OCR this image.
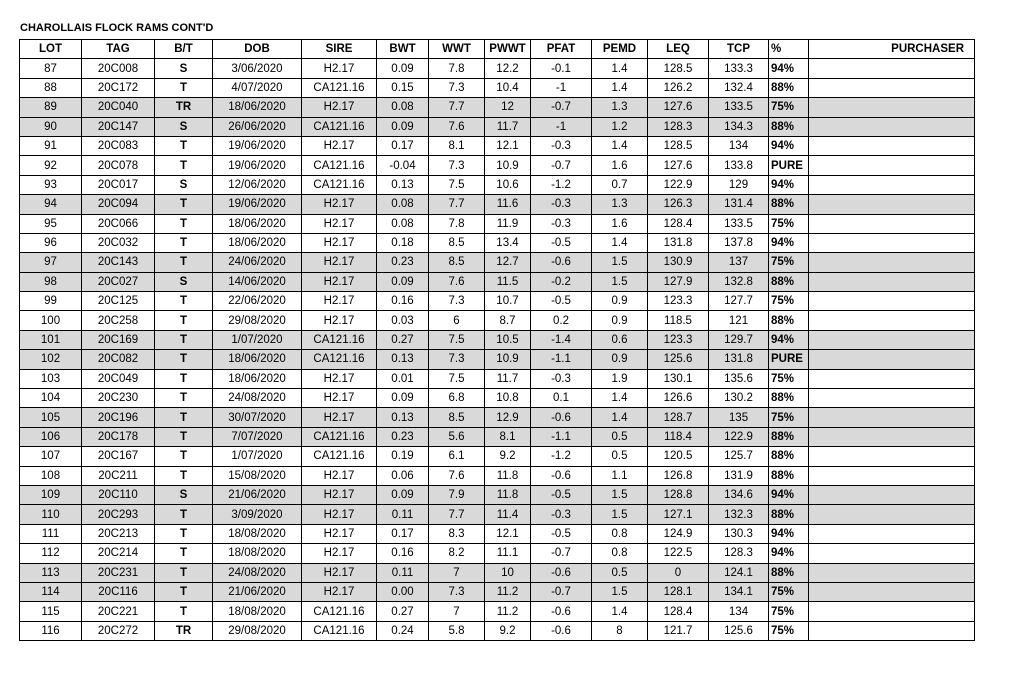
CHAROLLAIS FLOCK RAMS CONT'D
LOT	TAG	B/T	DOB	SIRE	BWT	WWT	PWWT	PFAT	PEMD	LEQ	TCP	%	PURCHASER
87	20C008	S	3/06/2020	H2.17	0.09	7.8	12.2	-0.1	1.4	128.5	133.3	94%	
88	20C172	T	4/07/2020	CA121.16	0.15	7.3	10.4	-1	1.4	126.2	132.4	88%	
89	20C040	TR	18/06/2020	H2.17	0.08	7.7	12	-0.7	1.3	127.6	133.5	75%	
90	20C147	S	26/06/2020	CA121.16	0.09	7.6	11.7	-1	1.2	128.3	134.3	88%	
91	20C083	T	19/06/2020	H2.17	0.17	8.1	12.1	-0.3	1.4	128.5	134	94%	
92	20C078	T	19/06/2020	CA121.16	-0.04	7.3	10.9	-0.7	1.6	127.6	133.8	PURE	
93	20C017	S	12/06/2020	CA121.16	0.13	7.5	10.6	-1.2	0.7	122.9	129	94%	
94	20C094	T	19/06/2020	H2.17	0.08	7.7	11.6	-0.3	1.3	126.3	131.4	88%	
95	20C066	T	18/06/2020	H2.17	0.08	7.8	11.9	-0.3	1.6	128.4	133.5	75%	
96	20C032	T	18/06/2020	H2.17	0.18	8.5	13.4	-0.5	1.4	131.8	137.8	94%	
97	20C143	T	24/06/2020	H2.17	0.23	8.5	12.7	-0.6	1.5	130.9	137	75%	
98	20C027	S	14/06/2020	H2.17	0.09	7.6	11.5	-0.2	1.5	127.9	132.8	88%	
99	20C125	T	22/06/2020	H2.17	0.16	7.3	10.7	-0.5	0.9	123.3	127.7	75%	
100	20C258	T	29/08/2020	H2.17	0.03	6	8.7	0.2	0.9	118.5	121	88%	
101	20C169	T	1/07/2020	CA121.16	0.27	7.5	10.5	-1.4	0.6	123.3	129.7	94%	
102	20C082	T	18/06/2020	CA121.16	0.13	7.3	10.9	-1.1	0.9	125.6	131.8	PURE	
103	20C049	T	18/06/2020	H2.17	0.01	7.5	11.7	-0.3	1.9	130.1	135.6	75%	
104	20C230	T	24/08/2020	H2.17	0.09	6.8	10.8	0.1	1.4	126.6	130.2	88%	
105	20C196	T	30/07/2020	H2.17	0.13	8.5	12.9	-0.6	1.4	128.7	135	75%	
106	20C178	T	7/07/2020	CA121.16	0.23	5.6	8.1	-1.1	0.5	118.4	122.9	88%	
107	20C167	T	1/07/2020	CA121.16	0.19	6.1	9.2	-1.2	0.5	120.5	125.7	88%	
108	20C211	T	15/08/2020	H2.17	0.06	7.6	11.8	-0.6	1.1	126.8	131.9	88%	
109	20C110	S	21/06/2020	H2.17	0.09	7.9	11.8	-0.5	1.5	128.8	134.6	94%	
110	20C293	T	3/09/2020	H2.17	0.11	7.7	11.4	-0.3	1.5	127.1	132.3	88%	
111	20C213	T	18/08/2020	H2.17	0.17	8.3	12.1	-0.5	0.8	124.9	130.3	94%	
112	20C214	T	18/08/2020	H2.17	0.16	8.2	11.1	-0.7	0.8	122.5	128.3	94%	
113	20C231	T	24/08/2020	H2.17	0.11	7	10	-0.6	0.5	0	124.1	88%	
114	20C116	T	21/06/2020	H2.17	0.00	7.3	11.2	-0.7	1.5	128.1	134.1	75%	
115	20C221	T	18/08/2020	CA121.16	0.27	7	11.2	-0.6	1.4	128.4	134	75%	
116	20C272	TR	29/08/2020	CA121.16	0.24	5.8	9.2	-0.6	8	121.7	125.6	75%	
